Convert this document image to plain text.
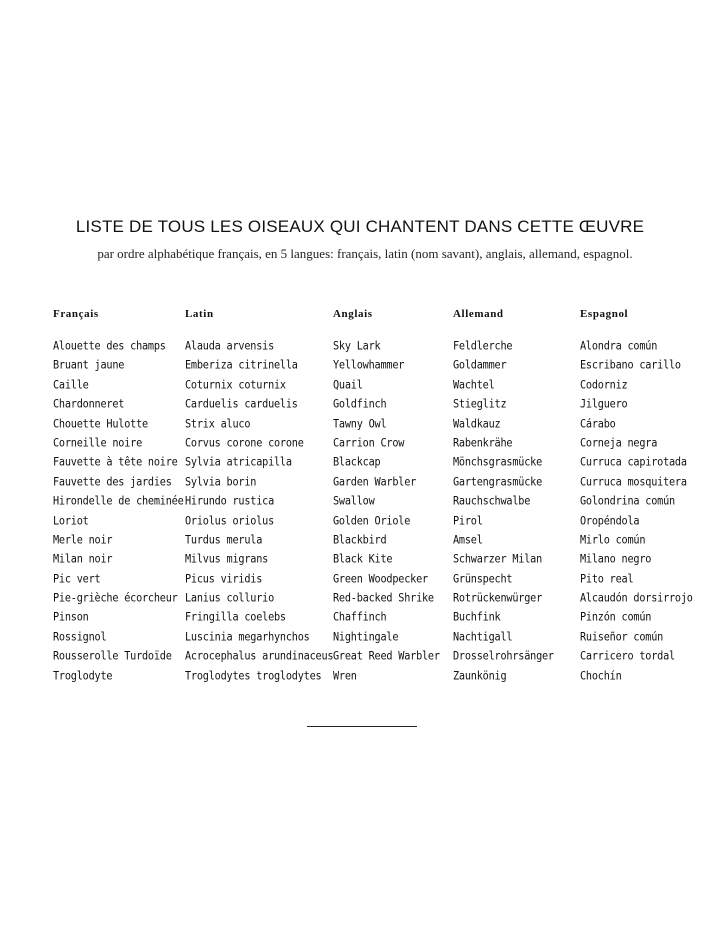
LISTE DE TOUS LES OISEAUX QUI CHANTENT DANS CETTE ŒUVRE

par ordre alphabétique français, en 5 langues: français, latin (nom savant), anglais, allemand, espagnol.

Français
Alouette des champs
Bruant jaune
Caille
Chardonneret
Chouette Hulotte
Corneille noire
Fauvette à tête noire
Fauvette des jardies
Hirondelle de cheminée
Loriot
Merle noir
Milan noir
Pic vert
Pie-grièche écorcheur
Pinson
Rossignol
Rousserolle Turdoïde
Troglodyte
Latin
Alauda arvensis
Emberiza citrinella
Coturnix coturnix
Carduelis carduelis
Strix aluco
Corvus corone corone
Sylvia atricapilla
Sylvia borin
Hirundo rustica
Oriolus oriolus
Turdus merula
Milvus migrans
Picus viridis
Lanius collurio
Fringilla coelebs
Luscinia megarhynchos
Acrocephalus arundinaceus
Troglodytes troglodytes
Anglais
Sky Lark
Yellowhammer
Quail
Goldfinch
Tawny Owl
Carrion Crow
Blackcap
Garden Warbler
Swallow
Golden Oriole
Blackbird
Black Kite
Green Woodpecker
Red-backed Shrike
Chaffinch
Nightingale
Great Reed Warbler
Wren
Allemand
Feldlerche
Goldammer
Wachtel
Stieglitz
Waldkauz
Rabenkrähe
Mönchsgrasmücke
Gartengrasmücke
Rauchschwalbe
Pirol
Amsel
Schwarzer Milan
Grünspecht
Rotrückenwürger
Buchfink
Nachtigall
Drosselrohrsänger
Zaunkönig
Espagnol
Alondra común
Escribano carillo
Codorniz
Jilguero
Cárabo
Corneja negra
Curruca capirotada
Curruca mosquitera
Golondrina común
Oropéndola
Mirlo común
Milano negro
Pito real
Alcaudón dorsirrojo
Pinzón común
Ruiseñor común
Carricero tordal
Chochín
